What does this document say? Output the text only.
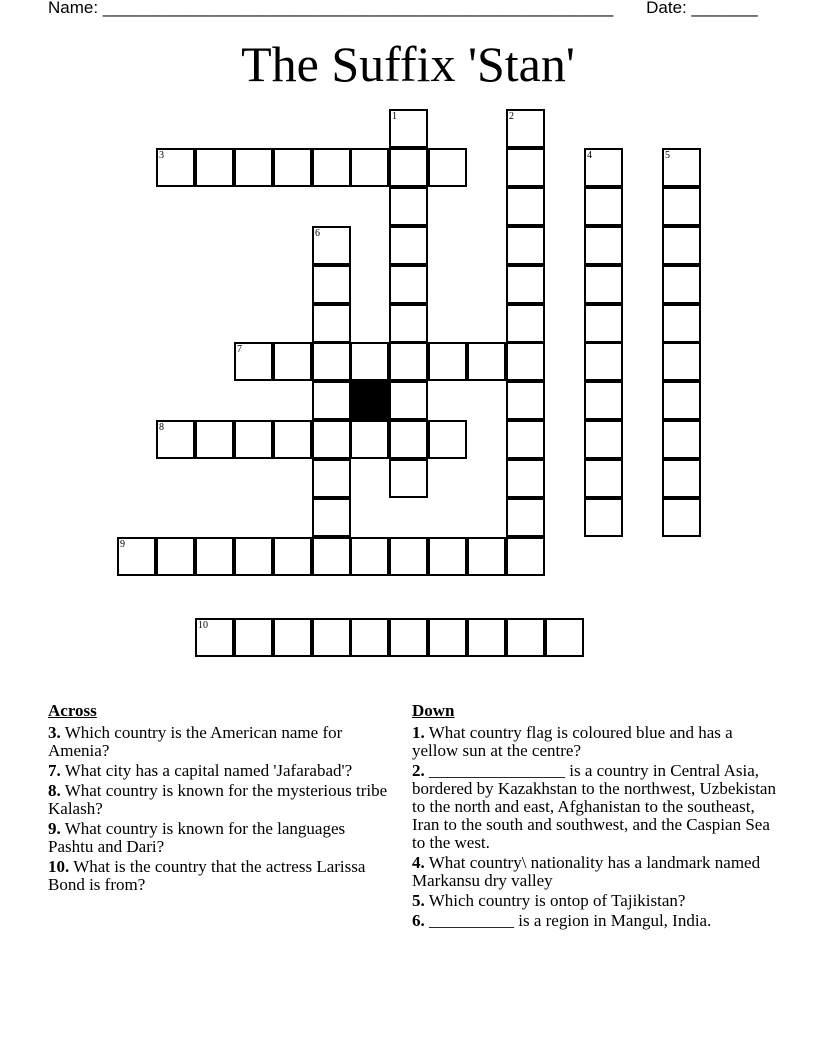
Name: ______________________________________________________ Date: _______
The Suffix 'Stan'
3
7
8
9
1	2
4	5
6
10
Across
3. Which country is the American name for Amenia?
7. What city has a capital named 'Jafarabad'?
8. What country is known for the mysterious tribe Kalash?
9. What country is known for the languages Pashtu and Dari?
10. What is the country that the actress Larissa Bond is from?
Down
1. What country flag is coloured blue and has a yellow sun at the centre?
2. ________________ is a country in Central Asia, bordered by Kazakhstan to the northwest, Uzbekistan to the north and east, Afghanistan to the southeast, Iran to the south and southwest, and the Caspian Sea to the west.
4. What country\ nationality has a landmark named Markansu dry valley
5. Which country is ontop of Tajikistan?
6. __________ is a region in Mangul, India.
